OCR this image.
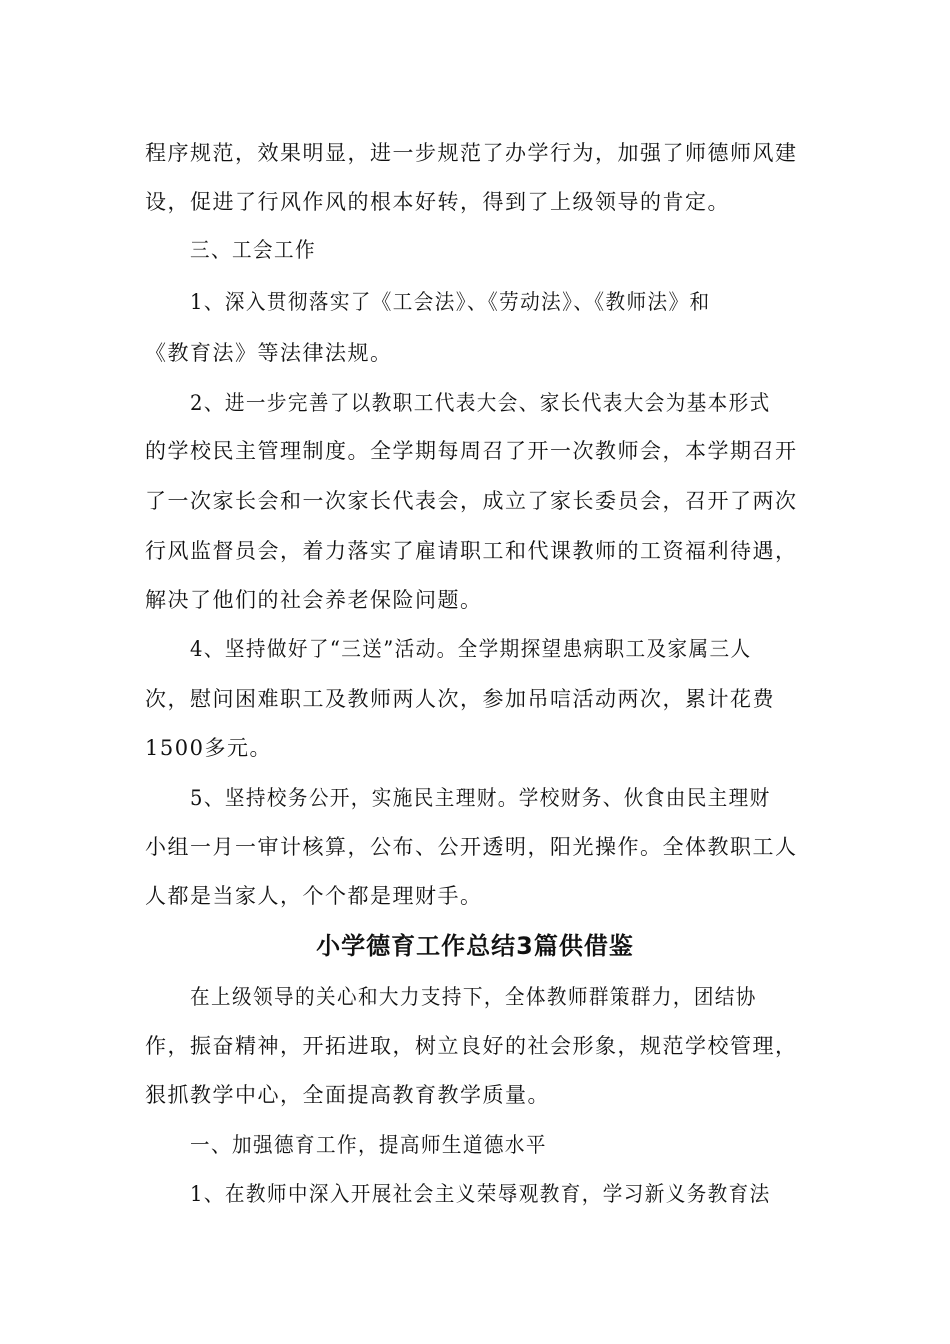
程序规范，效果明显，进一步规范了办学行为，加强了师德师风建
设，促进了行风作风的根本好转，得到了上级领导的肯定。
三、工会工作
1、深入贯彻落实了《工会法》、《劳动法》、《教师法》和
《教育法》等法律法规。
2、进一步完善了以教职工代表大会、家长代表大会为基本形式
的学校民主管理制度。全学期每周召了开一次教师会，本学期召开
了一次家长会和一次家长代表会，成立了家长委员会，召开了两次
行风监督员会，着力落实了雇请职工和代课教师的工资福利待遇，
解决了他们的社会养老保险问题。
4、坚持做好了“三送”活动。全学期探望患病职工及家属三人
次，慰问困难职工及教师两人次，参加吊唁活动两次，累计花费
1500多元。
5、坚持校务公开，实施民主理财。学校财务、伙食由民主理财
小组一月一审计核算，公布、公开透明，阳光操作。全体教职工人
人都是当家人，个个都是理财手。
小学德育工作总结3篇供借鉴
在上级领导的关心和大力支持下，全体教师群策群力，团结协
作，振奋精神，开拓进取，树立良好的社会形象，规范学校管理，
狠抓教学中心，全面提高教育教学质量。
一、加强德育工作，提高师生道德水平
1、在教师中深入开展社会主义荣辱观教育，学习新义务教育法
